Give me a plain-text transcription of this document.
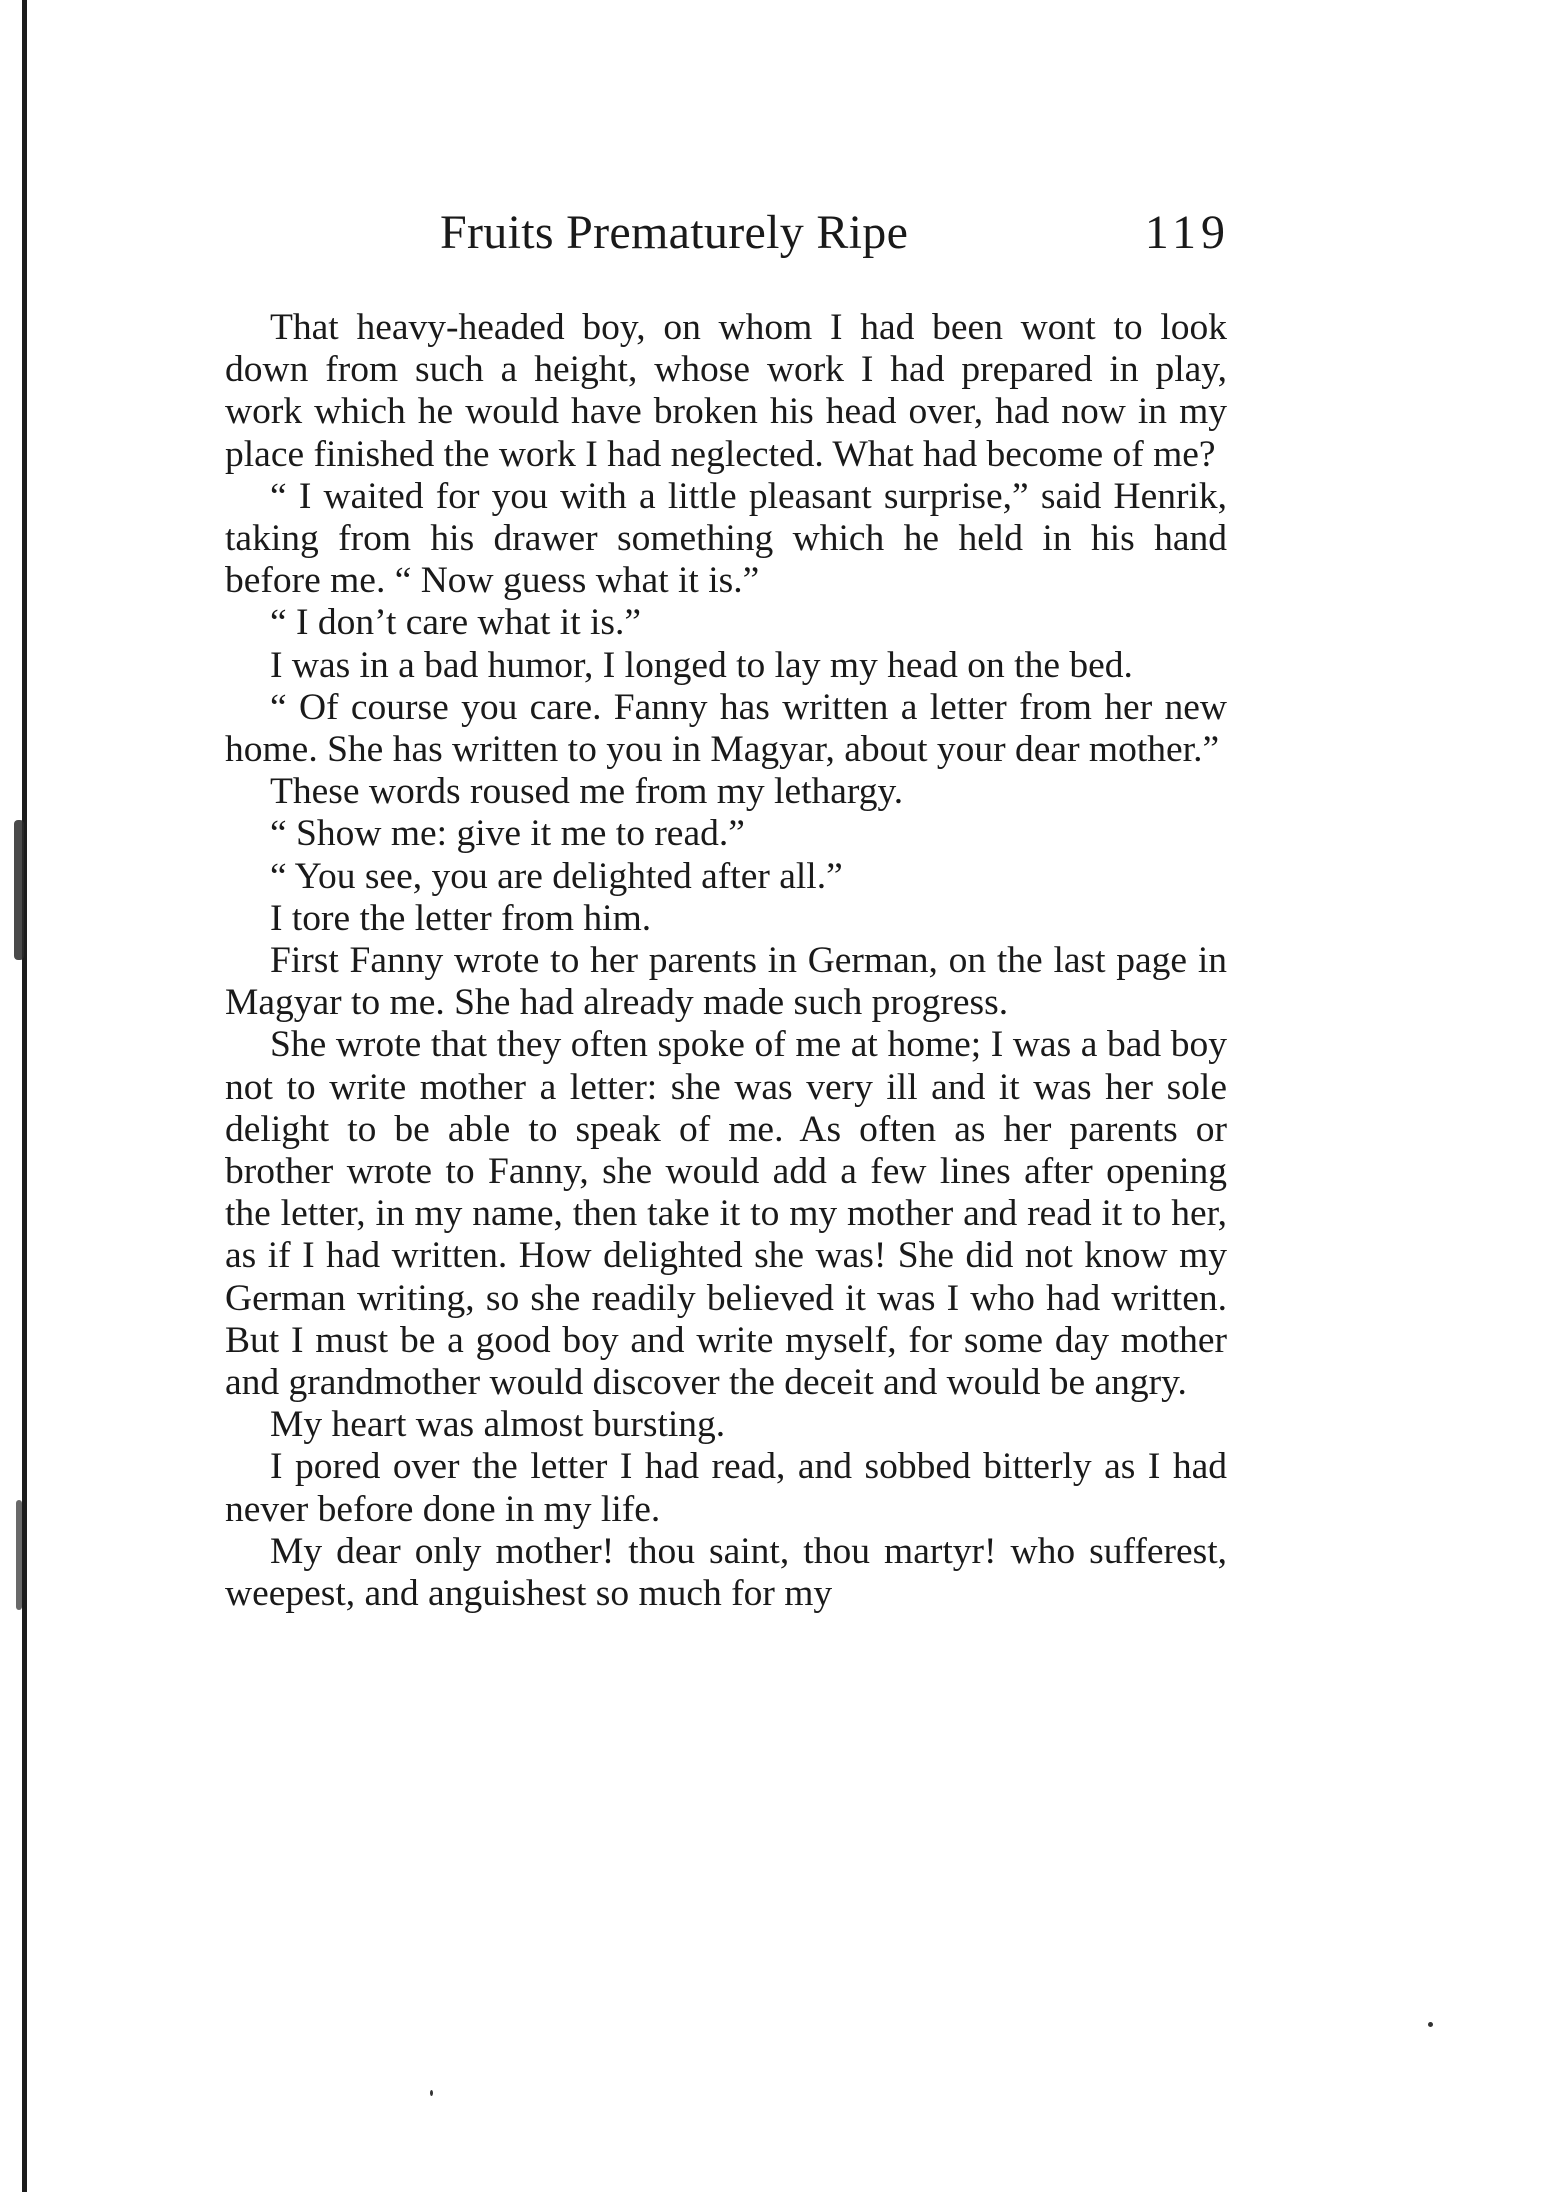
Fruits Prematurely Ripe	119

That heavy-headed boy, on whom I had been wont to look down from such a height, whose work I had prepared in play, work which he would have broken his head over, had now in my place finished the work I had neglected. What had become of me?

“ I waited for you with a little pleasant surprise,” said Henrik, taking from his drawer something which he held in his hand before me. “ Now guess what it is.”

“ I don’t care what it is.”

I was in a bad humor, I longed to lay my head on the bed.

“ Of course you care. Fanny has written a letter from her new home. She has written to you in Magyar, about your dear mother.”

These words roused me from my lethargy.

“ Show me: give it me to read.”

“ You see, you are delighted after all.”

I tore the letter from him.

First Fanny wrote to her parents in German, on the last page in Magyar to me. She had already made such progress.

She wrote that they often spoke of me at home; I was a bad boy not to write mother a letter: she was very ill and it was her sole delight to be able to speak of me. As often as her parents or brother wrote to Fanny, she would add a few lines after opening the letter, in my name, then take it to my mother and read it to her, as if I had written. How delighted she was! She did not know my German writing, so she readily believed it was I who had written. But I must be a good boy and write myself, for some day mother and grandmother would discover the deceit and would be angry.

My heart was almost bursting.

I pored over the letter I had read, and sobbed bitterly as I had never before done in my life.

My dear only mother! thou saint, thou martyr! who sufferest, weepest, and anguishest so much for my
